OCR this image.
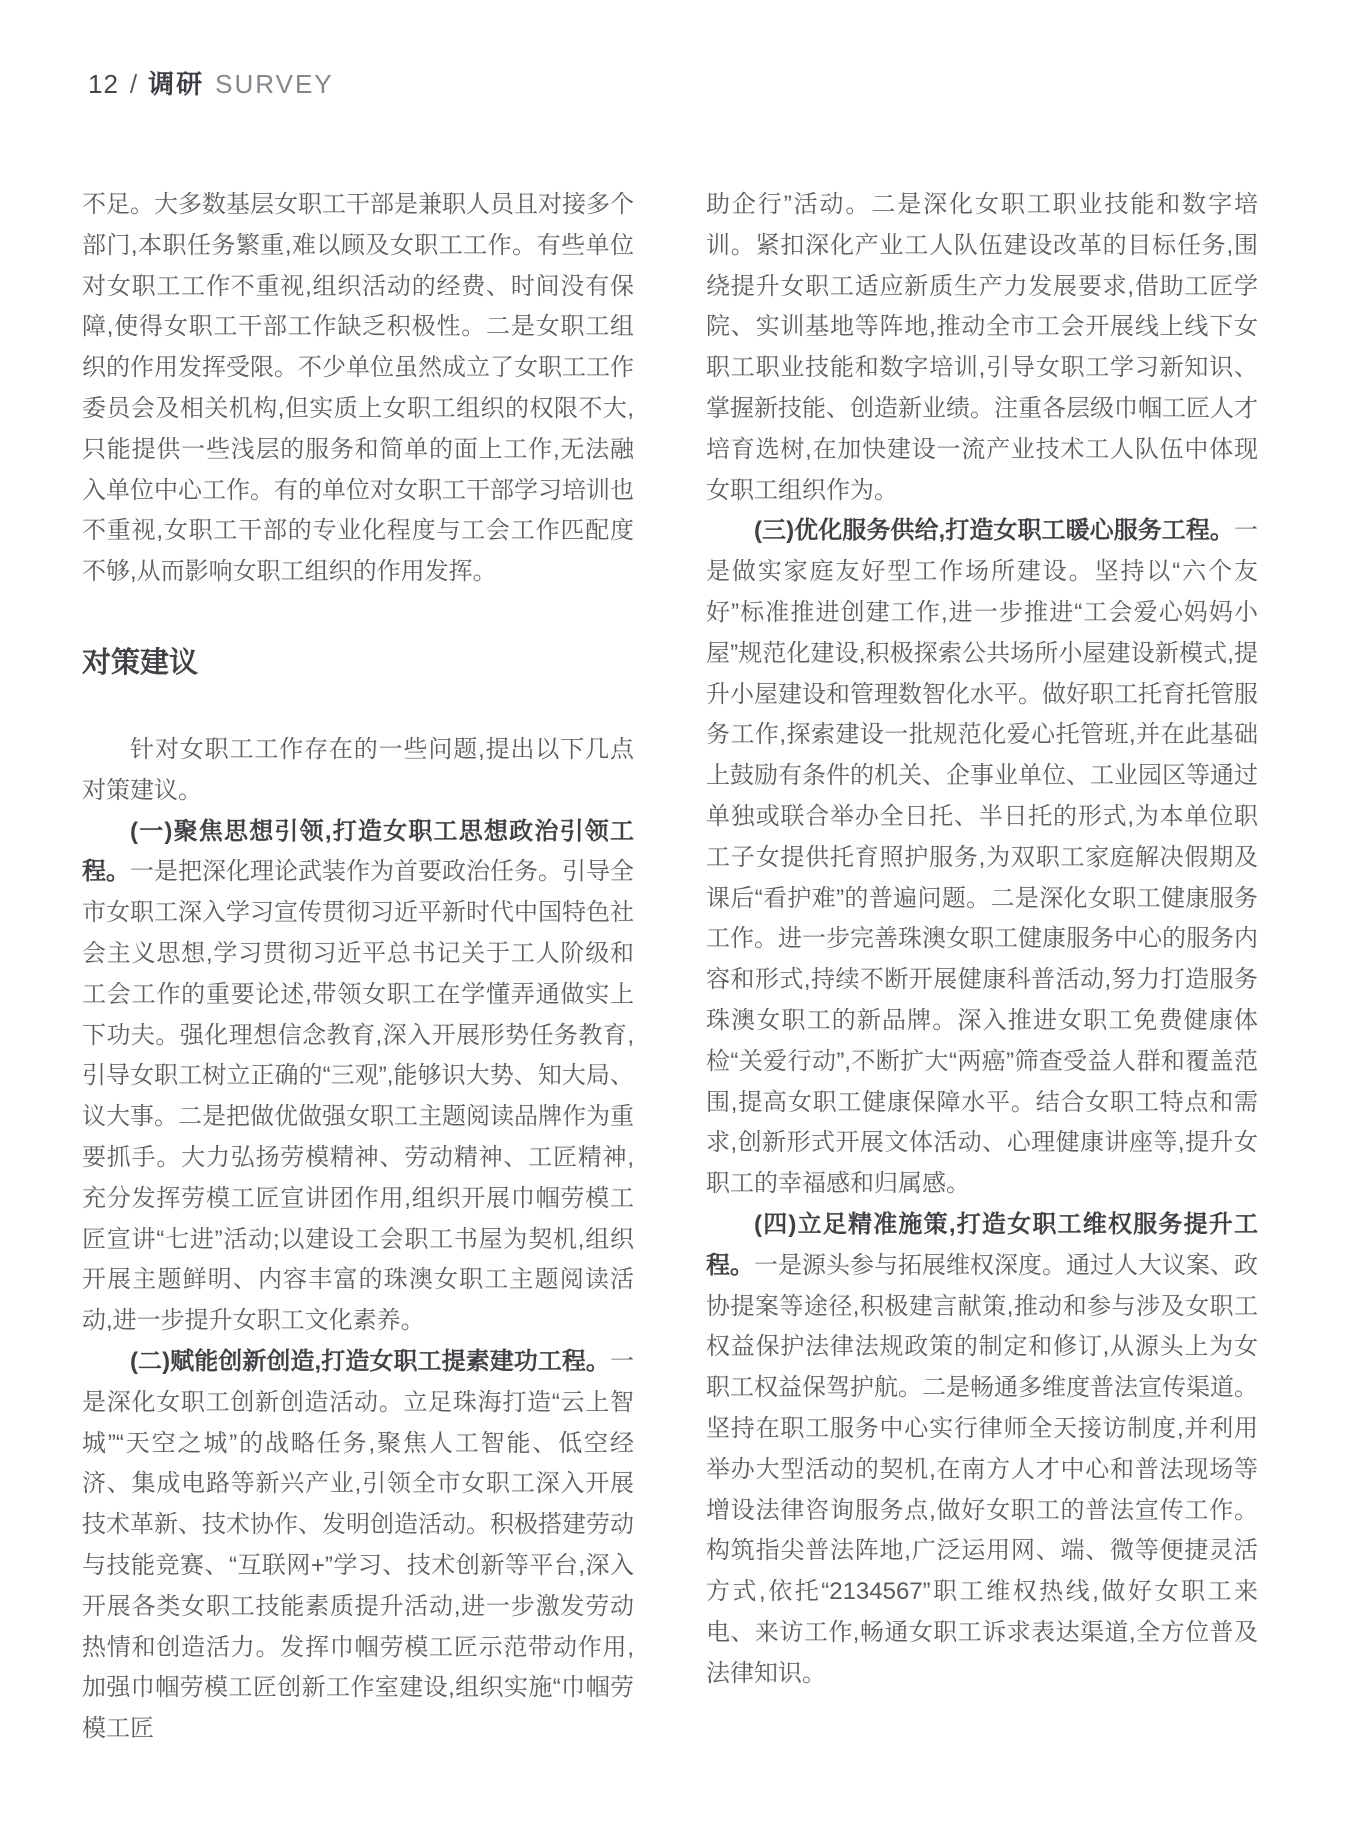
12 / 调研 SURVEY

不足。大多数基层女职工干部是兼职人员且对接多个部门,本职任务繁重,难以顾及女职工工作。有些单位对女职工工作不重视,组织活动的经费、时间没有保障,使得女职工干部工作缺乏积极性。二是女职工组织的作用发挥受限。不少单位虽然成立了女职工工作委员会及相关机构,但实质上女职工组织的权限不大,只能提供一些浅层的服务和简单的面上工作,无法融入单位中心工作。有的单位对女职工干部学习培训也不重视,女职工干部的专业化程度与工会工作匹配度不够,从而影响女职工组织的作用发挥。

对策建议

针对女职工工作存在的一些问题,提出以下几点对策建议。

(一)聚焦思想引领,打造女职工思想政治引领工程。一是把深化理论武装作为首要政治任务。引导全市女职工深入学习宣传贯彻习近平新时代中国特色社会主义思想,学习贯彻习近平总书记关于工人阶级和工会工作的重要论述,带领女职工在学懂弄通做实上下功夫。强化理想信念教育,深入开展形势任务教育,引导女职工树立正确的“三观”,能够识大势、知大局、议大事。二是把做优做强女职工主题阅读品牌作为重要抓手。大力弘扬劳模精神、劳动精神、工匠精神,充分发挥劳模工匠宣讲团作用,组织开展巾帼劳模工匠宣讲“七进”活动;以建设工会职工书屋为契机,组织开展主题鲜明、内容丰富的珠澳女职工主题阅读活动,进一步提升女职工文化素养。

(二)赋能创新创造,打造女职工提素建功工程。一是深化女职工创新创造活动。立足珠海打造“云上智城”“天空之城”的战略任务,聚焦人工智能、低空经济、集成电路等新兴产业,引领全市女职工深入开展技术革新、技术协作、发明创造活动。积极搭建劳动与技能竞赛、“互联网+”学习、技术创新等平台,深入开展各类女职工技能素质提升活动,进一步激发劳动热情和创造活力。发挥巾帼劳模工匠示范带动作用,加强巾帼劳模工匠创新工作室建设,组织实施“巾帼劳模工匠

助企行”活动。二是深化女职工职业技能和数字培训。紧扣深化产业工人队伍建设改革的目标任务,围绕提升女职工适应新质生产力发展要求,借助工匠学院、实训基地等阵地,推动全市工会开展线上线下女职工职业技能和数字培训,引导女职工学习新知识、掌握新技能、创造新业绩。注重各层级巾帼工匠人才培育选树,在加快建设一流产业技术工人队伍中体现女职工组织作为。

(三)优化服务供给,打造女职工暖心服务工程。一是做实家庭友好型工作场所建设。坚持以“六个友好”标准推进创建工作,进一步推进“工会爱心妈妈小屋”规范化建设,积极探索公共场所小屋建设新模式,提升小屋建设和管理数智化水平。做好职工托育托管服务工作,探索建设一批规范化爱心托管班,并在此基础上鼓励有条件的机关、企事业单位、工业园区等通过单独或联合举办全日托、半日托的形式,为本单位职工子女提供托育照护服务,为双职工家庭解决假期及课后“看护难”的普遍问题。二是深化女职工健康服务工作。进一步完善珠澳女职工健康服务中心的服务内容和形式,持续不断开展健康科普活动,努力打造服务珠澳女职工的新品牌。深入推进女职工免费健康体检“关爱行动”,不断扩大“两癌”筛查受益人群和覆盖范围,提高女职工健康保障水平。结合女职工特点和需求,创新形式开展文体活动、心理健康讲座等,提升女职工的幸福感和归属感。

(四)立足精准施策,打造女职工维权服务提升工程。一是源头参与拓展维权深度。通过人大议案、政协提案等途径,积极建言献策,推动和参与涉及女职工权益保护法律法规政策的制定和修订,从源头上为女职工权益保驾护航。二是畅通多维度普法宣传渠道。坚持在职工服务中心实行律师全天接访制度,并利用举办大型活动的契机,在南方人才中心和普法现场等增设法律咨询服务点,做好女职工的普法宣传工作。构筑指尖普法阵地,广泛运用网、端、微等便捷灵活方式,依托“2134567”职工维权热线,做好女职工来电、来访工作,畅通女职工诉求表达渠道,全方位普及法律知识。
